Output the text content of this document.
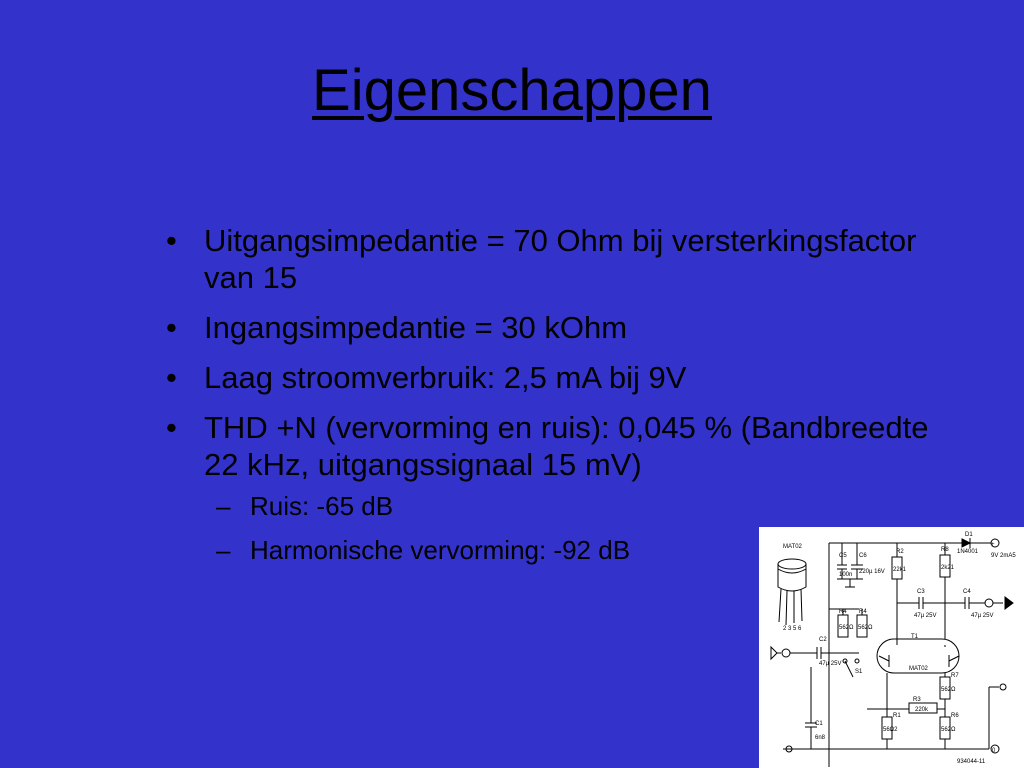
Eigenschappen
• Uitgangsimpedantie = 70 Ohm bij versterkingsfactor van 15
• Ingangsimpedantie = 30 kOhm
• Laag stroomverbruik: 2,5 mA bij 9V
• THD +N (vervorming en ruis): 0,045 % (Bandbreedte 22 kHz, uitgangssignaal 15 mV)
– Ruis: -65 dB
– Harmonische vervorming: -92 dB	MAT02
2 3 5 6
+
D1
1N4001
9V 2mA5
C5
100n
C6
220µ 16V
R2
22k1
R8
2k21
C3
47µ 25V
C4
47µ 25V
R4 R4
562Ω 562Ω
T1
MAT02
C2
47µ 25V
S1
R7
562Ω
R3
220k
R1
56Ω2
R6
562Ω
C1
6n8
0
934044-11
